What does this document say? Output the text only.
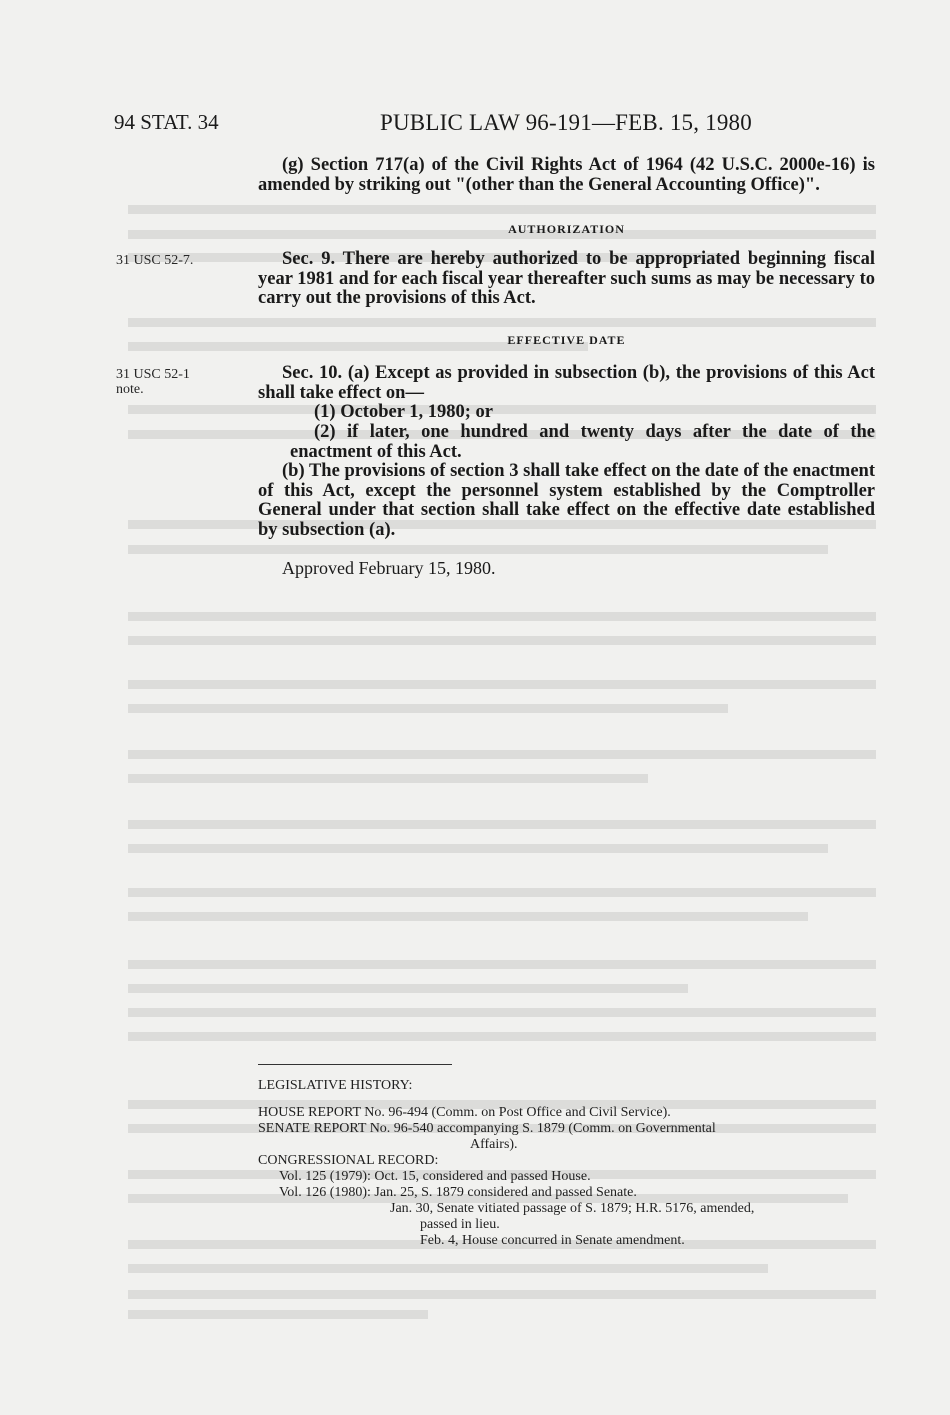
94 STAT. 34	PUBLIC LAW 96-191—FEB. 15, 1980
(g) Section 717(a) of the Civil Rights Act of 1964 (42 U.S.C. 2000e-16) is amended by striking out "(other than the General Accounting Office)".
AUTHORIZATION
31 USC 52-7.	Sec. 9. There are hereby authorized to be appropriated beginning fiscal year 1981 and for each fiscal year thereafter such sums as may be necessary to carry out the provisions of this Act.
EFFECTIVE DATE
31 USC 52-1
note.
Sec. 10. (a) Except as provided in subsection (b), the provisions of this Act shall take effect on—
(1) October 1, 1980; or
(2) if later, one hundred and twenty days after the date of the enactment of this Act.
(b) The provisions of section 3 shall take effect on the date of the enactment of this Act, except the personnel system established by the Comptroller General under that section shall take effect on the effective date established by subsection (a).
Approved February 15, 1980.
LEGISLATIVE HISTORY:
HOUSE REPORT No. 96-494 (Comm. on Post Office and Civil Service).
SENATE REPORT No. 96-540 accompanying S. 1879 (Comm. on Governmental
Affairs).
CONGRESSIONAL RECORD:
Vol. 125 (1979): Oct. 15, considered and passed House.
Vol. 126 (1980): Jan. 25, S. 1879 considered and passed Senate.
Jan. 30, Senate vitiated passage of S. 1879; H.R. 5176, amended,
passed in lieu.
Feb. 4, House concurred in Senate amendment.
